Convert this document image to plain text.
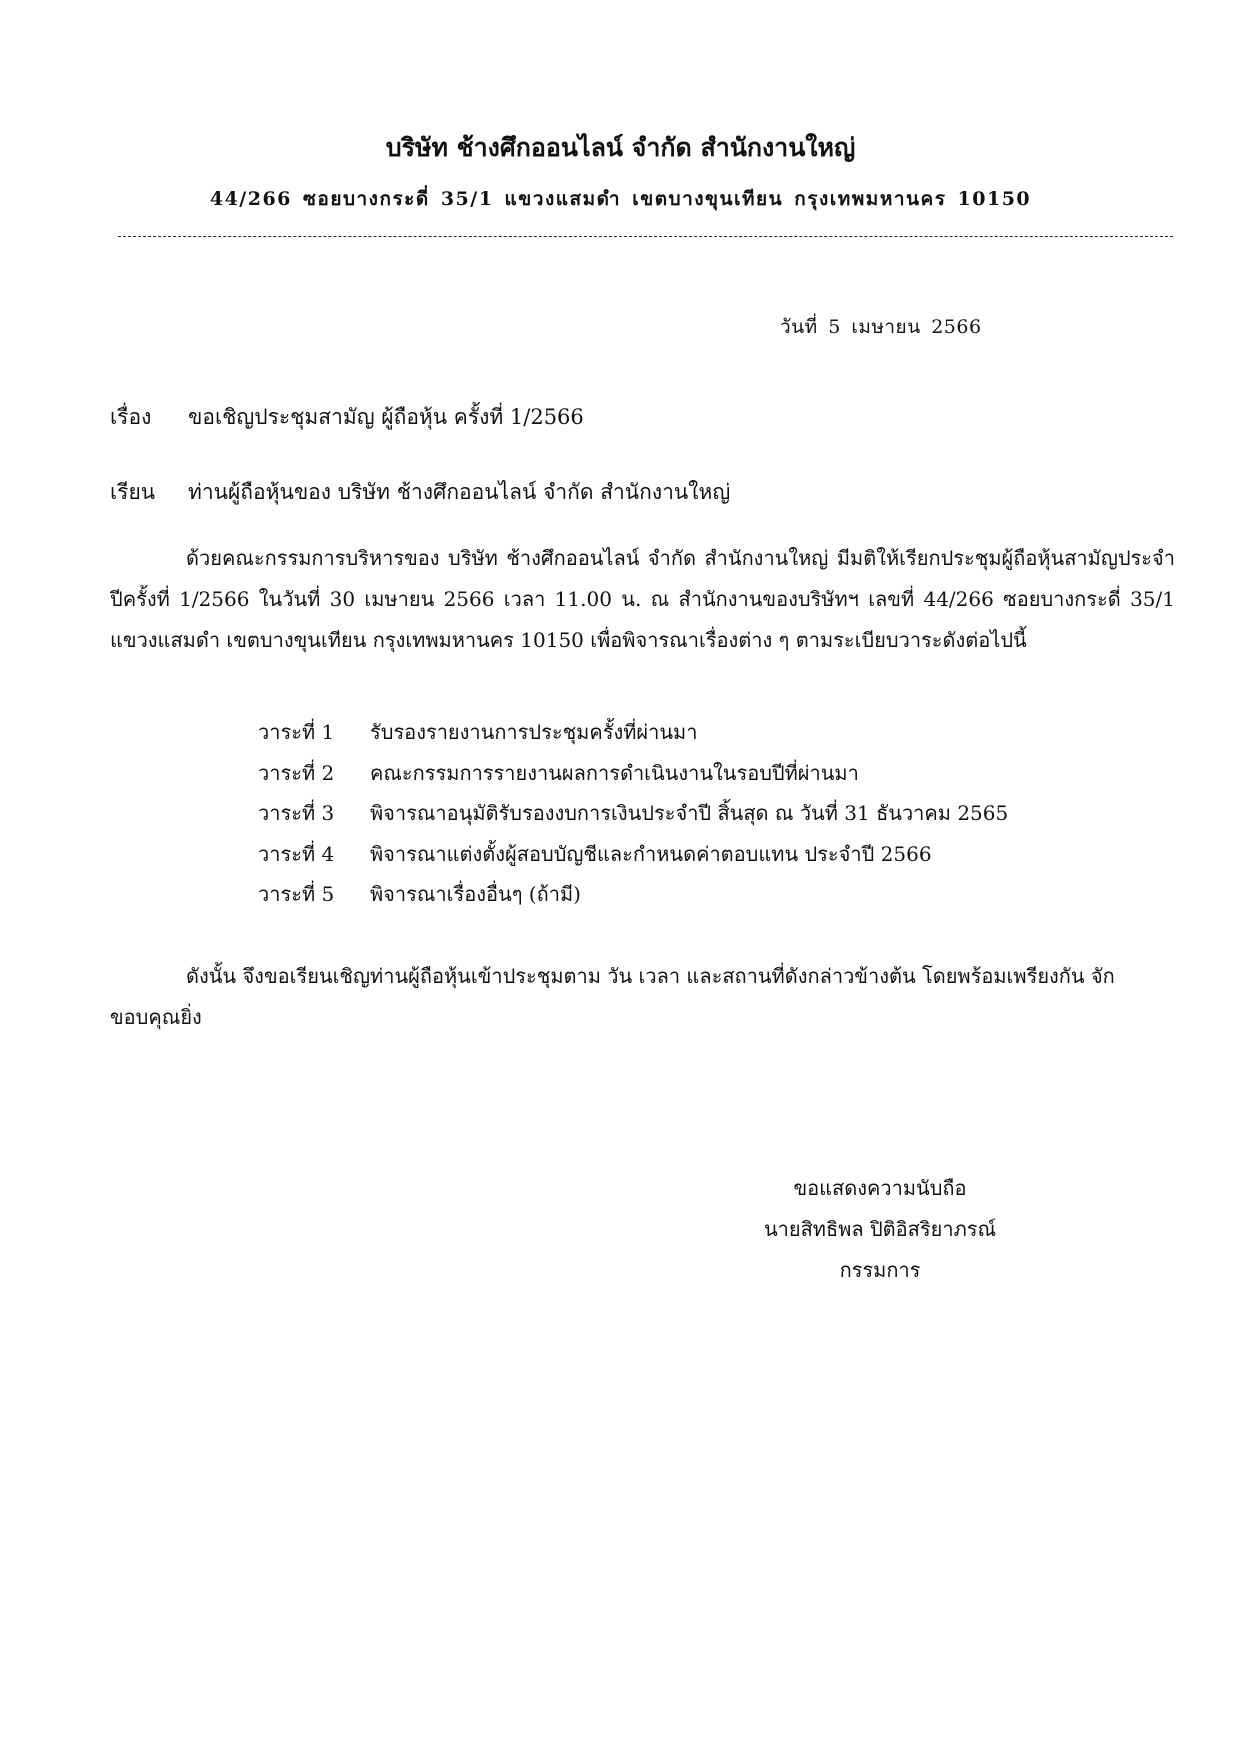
บริษัท ช้างศึกออนไลน์ จำกัด สำนักงานใหญ่
44/266 ซอยบางกระดี่ 35/1 แขวงแสมดำ เขตบางขุนเทียน กรุงเทพมหานคร 10150
วันที่ 5 เมษายน 2566
เรื่อง ขอเชิญประชุมสามัญ ผู้ถือหุ้น ครั้งที่ 1/2566
เรียน ท่านผู้ถือหุ้นของ บริษัท ช้างศึกออนไลน์ จำกัด สำนักงานใหญ่

ด้วยคณะกรรมการบริหารของ บริษัท ช้างศึกออนไลน์ จำกัด สำนักงานใหญ่ มีมติให้เรียกประชุมผู้ถือหุ้นสามัญประจำปีครั้งที่ 1/2566 ในวันที่ 30 เมษายน 2566 เวลา 11.00 น. ณ สำนักงานของบริษัทฯ เลขที่ 44/266 ซอยบางกระดี่ 35/1 แขวงแสมดำ เขตบางขุนเทียน กรุงเทพมหานคร 10150 เพื่อพิจารณาเรื่องต่าง ๆ ตามระเบียบวาระดังต่อไปนี้

วาระที่ 1	รับรองรายงานการประชุมครั้งที่ผ่านมา
วาระที่ 2	คณะกรรมการรายงานผลการดำเนินงานในรอบปีที่ผ่านมา
วาระที่ 3	พิจารณาอนุมัติรับรองงบการเงินประจำปี สิ้นสุด ณ วันที่ 31 ธันวาคม 2565
วาระที่ 4	พิจารณาแต่งตั้งผู้สอบบัญชีและกำหนดค่าตอบแทน ประจำปี 2566
วาระที่ 5	พิจารณาเรื่องอื่นๆ (ถ้ามี)

ดังนั้น จึงขอเรียนเชิญท่านผู้ถือหุ้นเข้าประชุมตาม วัน เวลา และสถานที่ดังกล่าวข้างต้น โดยพร้อมเพรียงกัน จักขอบคุณยิ่ง

ขอแสดงความนับถือ
นายสิทธิพล ปิติอิสริยาภรณ์
กรรมการ
